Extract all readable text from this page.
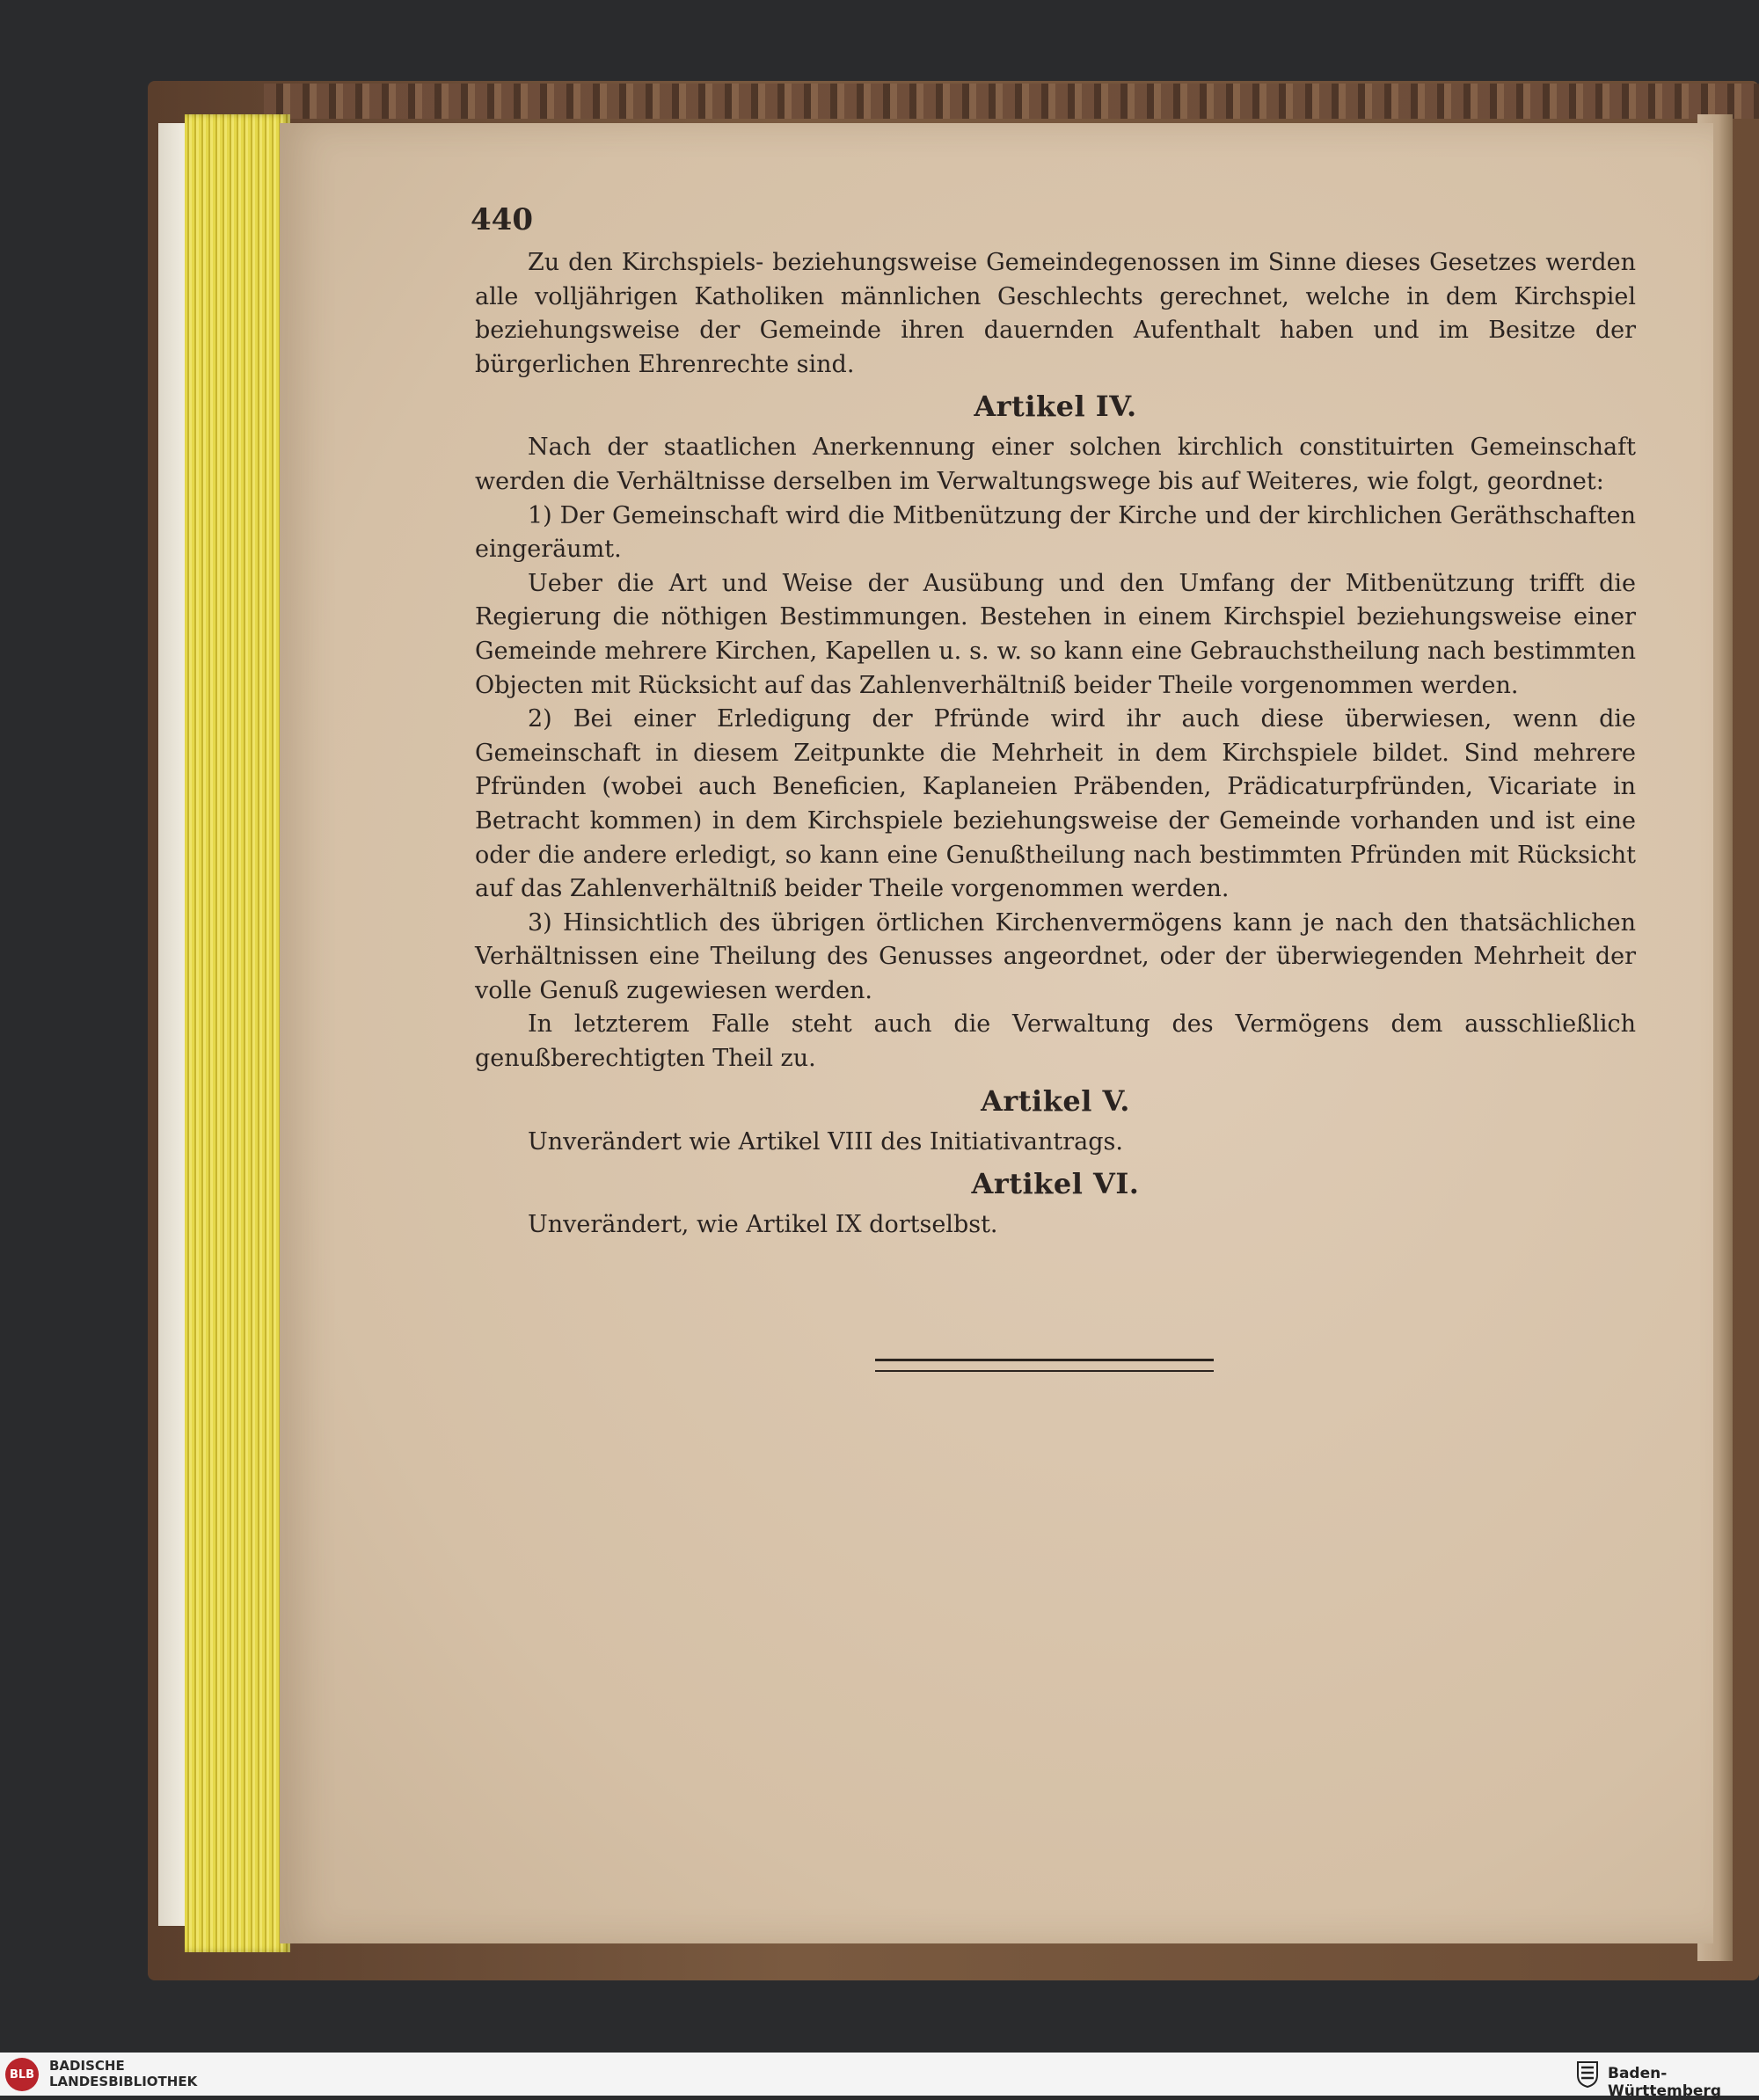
440

Zu den Kirchspiels- beziehungsweise Gemeindegenossen im Sinne dieses Gesetzes werden alle volljährigen Katholiken männlichen Geschlechts gerechnet, welche in dem Kirchspiel beziehungsweise der Gemeinde ihren dauernden Aufenthalt haben und im Besitze der bürgerlichen Ehrenrechte sind.

Artikel IV.

Nach der staatlichen Anerkennung einer solchen kirchlich constituirten Gemeinschaft werden die Verhältnisse derselben im Verwaltungswege bis auf Weiteres, wie folgt, geordnet:

1) Der Gemeinschaft wird die Mitbenützung der Kirche und der kirchlichen Geräthschaften eingeräumt.

Ueber die Art und Weise der Ausübung und den Umfang der Mitbenützung trifft die Regierung die nöthigen Bestimmungen. Bestehen in einem Kirchspiel beziehungsweise einer Gemeinde mehrere Kirchen, Kapellen u. s. w. so kann eine Gebrauchstheilung nach bestimmten Objecten mit Rücksicht auf das Zahlenverhältniß beider Theile vorgenommen werden.

2) Bei einer Erledigung der Pfründe wird ihr auch diese überwiesen, wenn die Gemeinschaft in diesem Zeitpunkte die Mehrheit in dem Kirchspiele bildet. Sind mehrere Pfründen (wobei auch Beneficien, Kaplaneien Präbenden, Prädicaturpfründen, Vicariate in Betracht kommen) in dem Kirchspiele beziehungsweise der Gemeinde vorhanden und ist eine oder die andere erledigt, so kann eine Genußtheilung nach bestimmten Pfründen mit Rücksicht auf das Zahlenverhältniß beider Theile vorgenommen werden.

3) Hinsichtlich des übrigen örtlichen Kirchenvermögens kann je nach den thatsächlichen Verhältnissen eine Theilung des Genusses angeordnet, oder der überwiegenden Mehrheit der volle Genuß zugewiesen werden.

In letzterem Falle steht auch die Verwaltung des Vermögens dem ausschließlich genußberechtigten Theil zu.

Artikel V.

Unverändert wie Artikel VIII des Initiativantrags.

Artikel VI.

Unverändert, wie Artikel IX dortselbst.

BLB
BADISCHE
LANDESBIBLIOTHEK	Baden-Württemberg
